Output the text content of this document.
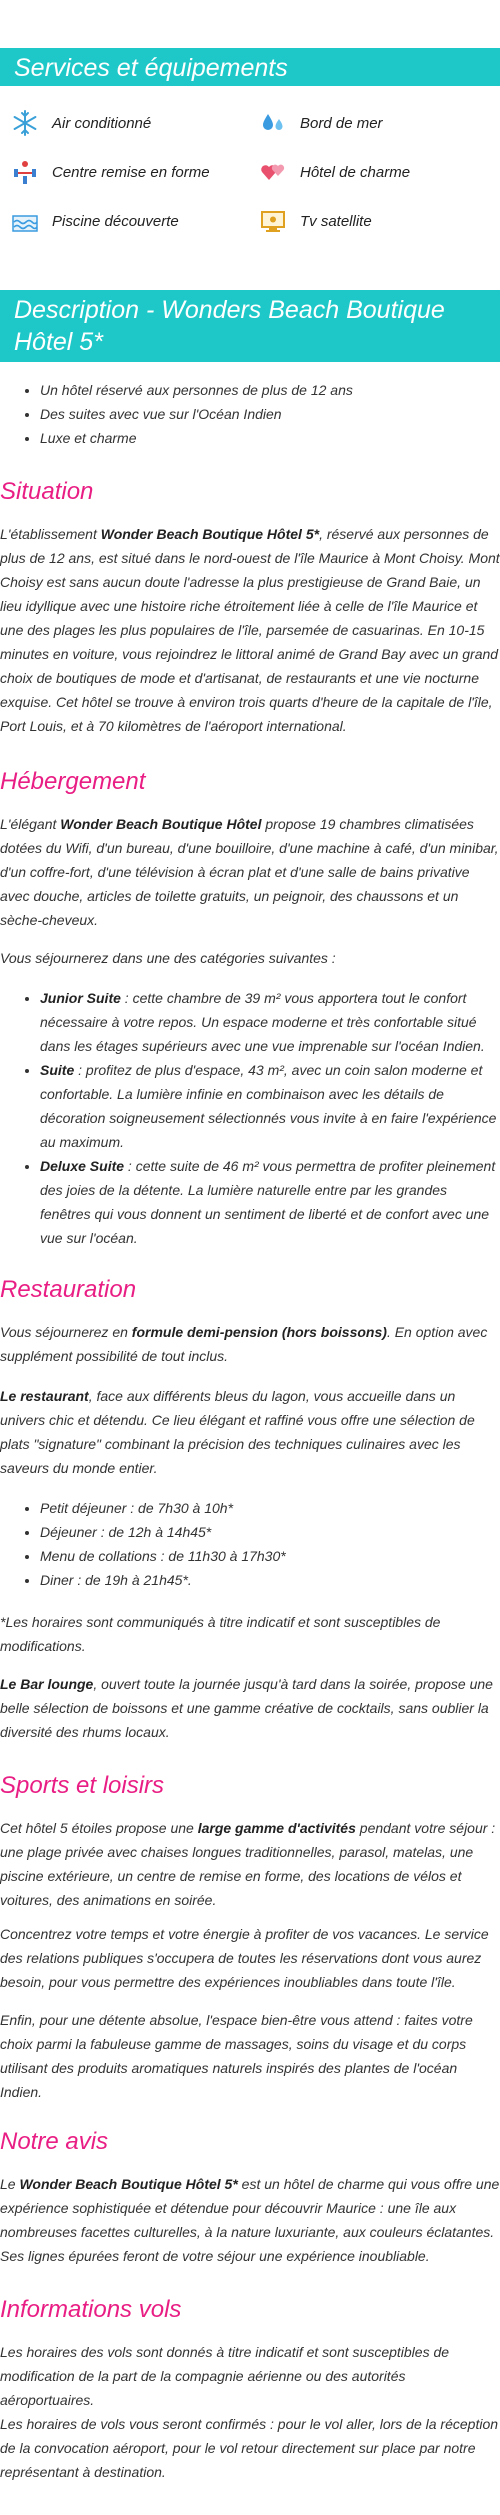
Services et équipements
Air conditionné	Bord de mer
Centre remise en forme	Hôtel de charme
Piscine découverte	Tv satellite
Description - Wonders Beach Boutique Hôtel 5*
• Un hôtel réservé aux personnes de plus de 12 ans
• Des suites avec vue sur l'Océan Indien
• Luxe et charme
Situation

L'établissement Wonder Beach Boutique Hôtel 5*, réservé aux personnes de plus de 12 ans, est situé dans le nord-ouest de l'île Maurice à Mont Choisy. Mont Choisy est sans aucun doute l'adresse la plus prestigieuse de Grand Baie, un lieu idyllique avec une histoire riche étroitement liée à celle de l'île Maurice et une des plages les plus populaires de l'île, parsemée de casuarinas. En 10-15 minutes en voiture, vous rejoindrez le littoral animé de Grand Bay avec un grand choix de boutiques de mode et d'artisanat, de restaurants et une vie nocturne exquise. Cet hôtel se trouve à environ trois quarts d'heure de la capitale de l'île, Port Louis, et à 70 kilomètres de l'aéroport international.

Hébergement

L'élégant Wonder Beach Boutique Hôtel propose 19 chambres climatisées dotées du Wifi, d'un bureau, d'une bouilloire, d'une machine à café, d'un minibar, d'un coffre-fort, d'une télévision à écran plat et d'une salle de bains privative avec douche, articles de toilette gratuits, un peignoir, des chaussons et un sèche-cheveux.

Vous séjournerez dans une des catégories suivantes :

• Junior Suite : cette chambre de 39 m² vous apportera tout le confort nécessaire à votre repos. Un espace moderne et très confortable situé dans les étages supérieurs avec une vue imprenable sur l'océan Indien.
• Suite : profitez de plus d'espace, 43 m², avec un coin salon moderne et confortable. La lumière infinie en combinaison avec les détails de décoration soigneusement sélectionnés vous invite à en faire l'expérience au maximum.
• Deluxe Suite : cette suite de 46 m² vous permettra de profiter pleinement des joies de la détente. La lumière naturelle entre par les grandes fenêtres qui vous donnent un sentiment de liberté et de confort avec une vue sur l'océan.
Restauration

Vous séjournerez en formule demi-pension (hors boissons). En option avec supplément possibilité de tout inclus.

Le restaurant, face aux différents bleus du lagon, vous accueille dans un univers chic et détendu. Ce lieu élégant et raffiné vous offre une sélection de plats "signature" combinant la précision des techniques culinaires avec les saveurs du monde entier.

• Petit déjeuner : de 7h30 à 10h*
• Déjeuner : de 12h à 14h45*
• Menu de collations : de 11h30 à 17h30*
• Diner : de 19h à 21h45*.

*Les horaires sont communiqués à titre indicatif et sont susceptibles de modifications.

Le Bar lounge, ouvert toute la journée jusqu'à tard dans la soirée, propose une belle sélection de boissons et une gamme créative de cocktails, sans oublier la diversité des rhums locaux.

Sports et loisirs

Cet hôtel 5 étoiles propose une large gamme d'activités pendant votre séjour : une plage privée avec chaises longues traditionnelles, parasol, matelas, une piscine extérieure, un centre de remise en forme, des locations de vélos et voitures, des animations en soirée.

Concentrez votre temps et votre énergie à profiter de vos vacances. Le service des relations publiques s'occupera de toutes les réservations dont vous aurez besoin, pour vous permettre des expériences inoubliables dans toute l'île.

Enfin, pour une détente absolue, l'espace bien-être vous attend : faites votre choix parmi la fabuleuse gamme de massages, soins du visage et du corps utilisant des produits aromatiques naturels inspirés des plantes de l'océan Indien.

Notre avis

Le Wonder Beach Boutique Hôtel 5* est un hôtel de charme qui vous offre une expérience sophistiquée et détendue pour découvrir Maurice : une île aux nombreuses facettes culturelles, à la nature luxuriante, aux couleurs éclatantes. Ses lignes épurées feront de votre séjour une expérience inoubliable.

Informations vols

Les horaires des vols sont donnés à titre indicatif et sont susceptibles de modification de la part de la compagnie aérienne ou des autorités aéroportuaires.

Les horaires de vols vous seront confirmés : pour le vol aller, lors de la réception de la convocation aéroport, pour le vol retour directement sur place par notre représentant à destination.
